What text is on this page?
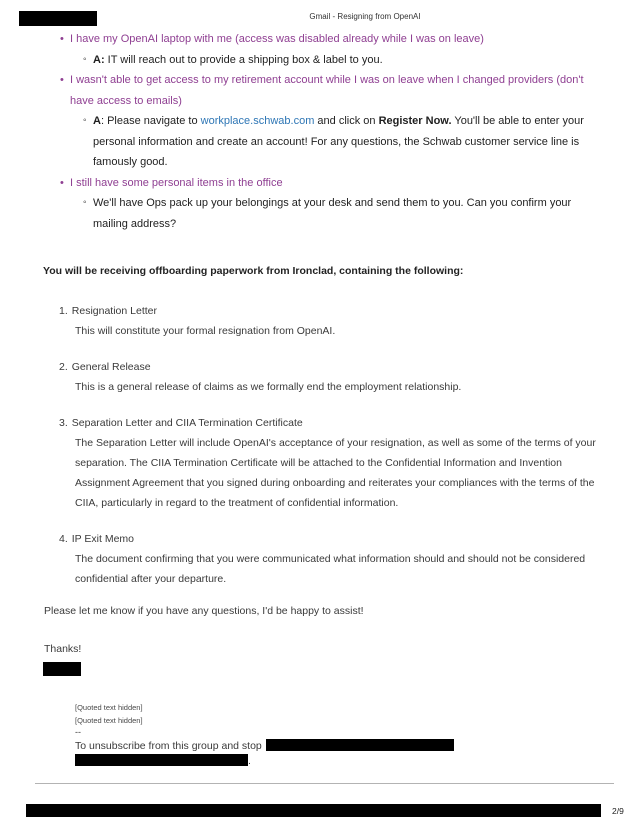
Gmail - Resigning from OpenAI
• I have my OpenAI laptop with me (access was disabled already while I was on leave)
◦ A: IT will reach out to provide a shipping box & label to you.
• I wasn't able to get access to my retirement account while I was on leave when I changed providers (don't have access to emails)
◦ A: Please navigate to workplace.schwab.com and click on Register Now. You'll be able to enter your personal information and create an account! For any questions, the Schwab customer service line is famously good.
• I still have some personal items in the office
◦ We'll have Ops pack up your belongings at your desk and send them to you. Can you confirm your mailing address?
You will be receiving offboarding paperwork from Ironclad, containing the following:
1. Resignation Letter
This will constitute your formal resignation from OpenAI.
2. General Release
This is a general release of claims as we formally end the employment relationship.
3. Separation Letter and CIIA Termination Certificate
The Separation Letter will include OpenAI's acceptance of your resignation, as well as some of the terms of your separation. The CIIA Termination Certificate will be attached to the Confidential Information and Invention Assignment Agreement that you signed during onboarding and reiterates your compliances with the terms of the CIIA, particularly in regard to the treatment of confidential information.
4. IP Exit Memo
The document confirming that you were communicated what information should and should not be considered confidential after your departure.
Please let me know if you have any questions, I'd be happy to assist!
Thanks!
[Quoted text hidden]
[Quoted text hidden]
--
To unsubscribe from this group and stop
.
2/9
